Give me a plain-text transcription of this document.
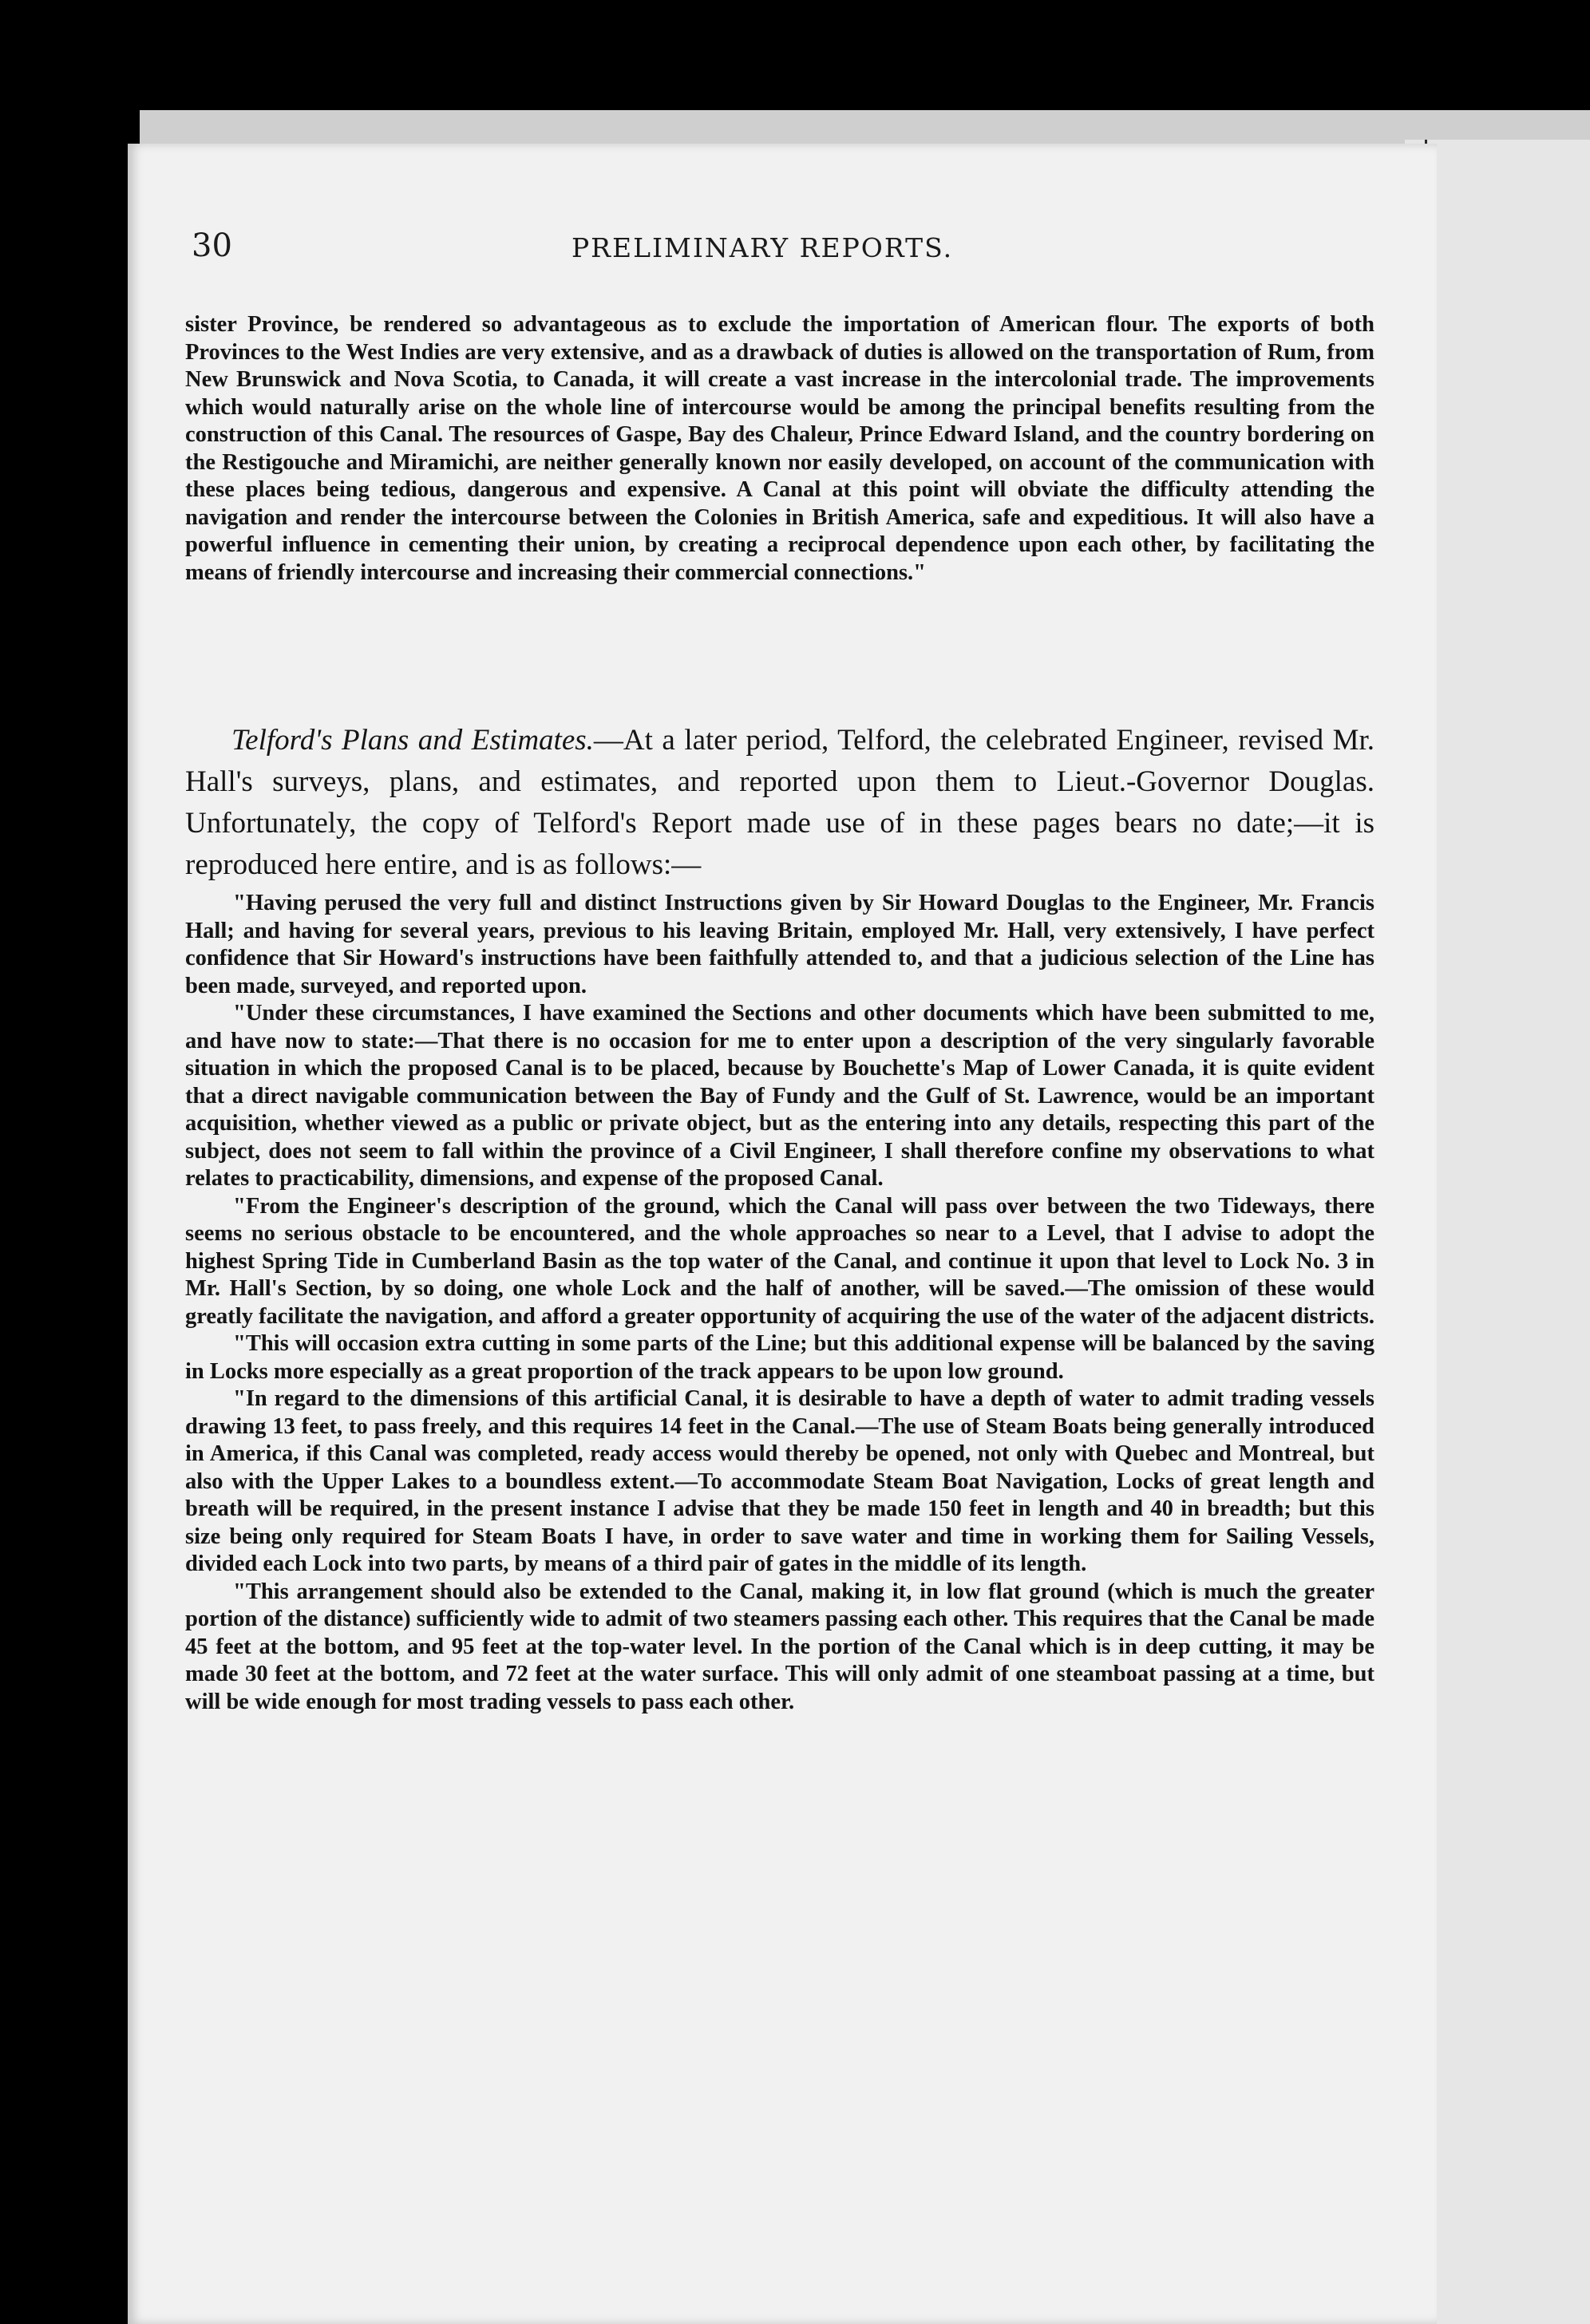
30	PRELIMINARY REPORTS.

sister Province, be rendered so advantageous as to exclude the importation of American flour. The exports of both Provinces to the West Indies are very extensive, and as a drawback of duties is allowed on the transportation of Rum, from New Brunswick and Nova Scotia, to Canada, it will create a vast increase in the intercolonial trade. The improvements which would naturally arise on the whole line of intercourse would be among the principal benefits resulting from the construction of this Canal. The resources of Gaspe, Bay des Chaleur, Prince Edward Island, and the country bordering on the Restigouche and Miramichi, are neither generally known nor easily developed, on account of the communication with these places being tedious, dangerous and expensive. A Canal at this point will obviate the difficulty attending the navigation and render the intercourse between the Colonies in British America, safe and expeditious. It will also have a powerful influence in cementing their union, by creating a reciprocal dependence upon each other, by facilitating the means of friendly intercourse and increasing their commercial connections."

Telford's Plans and Estimates.—At a later period, Telford, the celebrated Engineer, revised Mr. Hall's surveys, plans, and estimates, and reported upon them to Lieut.-Governor Douglas. Unfortunately, the copy of Telford's Report made use of in these pages bears no date;—it is reproduced here entire, and is as follows:—

"Having perused the very full and distinct Instructions given by Sir Howard Douglas to the Engineer, Mr. Francis Hall; and having for several years, previous to his leaving Britain, employed Mr. Hall, very extensively, I have perfect confidence that Sir Howard's instructions have been faithfully attended to, and that a judicious selection of the Line has been made, surveyed, and reported upon.

"Under these circumstances, I have examined the Sections and other documents which have been submitted to me, and have now to state:—That there is no occasion for me to enter upon a description of the very singularly favorable situation in which the proposed Canal is to be placed, because by Bouchette's Map of Lower Canada, it is quite evident that a direct navigable communication between the Bay of Fundy and the Gulf of St. Lawrence, would be an important acquisition, whether viewed as a public or private object, but as the entering into any details, respecting this part of the subject, does not seem to fall within the province of a Civil Engineer, I shall therefore confine my observations to what relates to practicability, dimensions, and expense of the proposed Canal.

"From the Engineer's description of the ground, which the Canal will pass over between the two Tideways, there seems no serious obstacle to be encountered, and the whole approaches so near to a Level, that I advise to adopt the highest Spring Tide in Cumberland Basin as the top water of the Canal, and continue it upon that level to Lock No. 3 in Mr. Hall's Section, by so doing, one whole Lock and the half of another, will be saved.—The omission of these would greatly facilitate the navigation, and afford a greater opportunity of acquiring the use of the water of the adjacent districts.

"This will occasion extra cutting in some parts of the Line; but this additional expense will be balanced by the saving in Locks more especially as a great proportion of the track appears to be upon low ground.

"In regard to the dimensions of this artificial Canal, it is desirable to have a depth of water to admit trading vessels drawing 13 feet, to pass freely, and this requires 14 feet in the Canal.—The use of Steam Boats being generally introduced in America, if this Canal was completed, ready access would thereby be opened, not only with Quebec and Montreal, but also with the Upper Lakes to a boundless extent.—To accommodate Steam Boat Navigation, Locks of great length and breath will be required, in the present instance I advise that they be made 150 feet in length and 40 in breadth; but this size being only required for Steam Boats I have, in order to save water and time in working them for Sailing Vessels, divided each Lock into two parts, by means of a third pair of gates in the middle of its length.

"This arrangement should also be extended to the Canal, making it, in low flat ground (which is much the greater portion of the distance) sufficiently wide to admit of two steamers passing each other. This requires that the Canal be made 45 feet at the bottom, and 95 feet at the top-water level. In the portion of the Canal which is in deep cutting, it may be made 30 feet at the bottom, and 72 feet at the water surface. This will only admit of one steamboat passing at a time, but will be wide enough for most trading vessels to pass each other.
